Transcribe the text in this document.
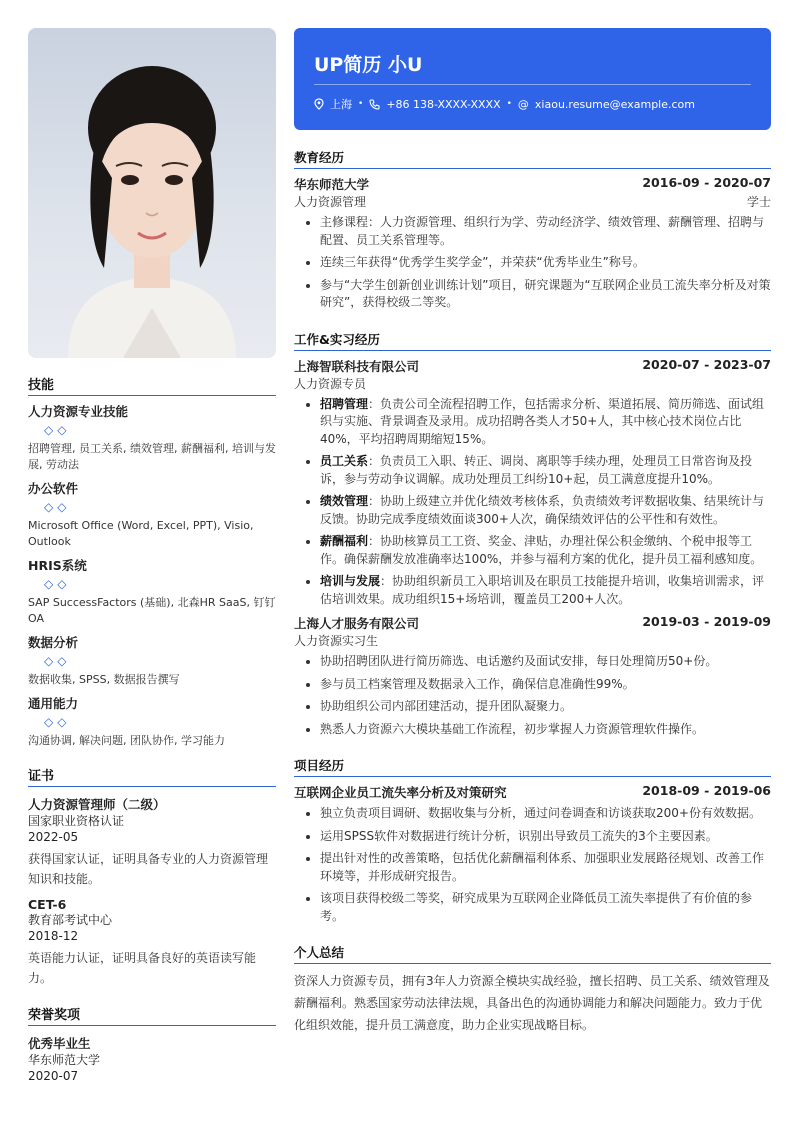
技能
人力资源专业技能
◇◇
招聘管理, 员工关系, 绩效管理, 薪酬福利, 培训与发展, 劳动法
办公软件
◇◇
Microsoft Office (Word, Excel, PPT), Visio, Outlook
HRIS系统
◇◇
SAP SuccessFactors (基础), 北森HR SaaS, 钉钉OA
数据分析
◇◇
数据收集, SPSS, 数据报告撰写
通用能力
◇◇
沟通协调, 解决问题, 团队协作, 学习能力
证书
人力资源管理师（二级）
国家职业资格认证
2022-05
获得国家认证，证明具备专业的人力资源管理知识和技能。
CET-6
教育部考试中心
2018-12
英语能力认证，证明具备良好的英语读写能力。
荣誉奖项
优秀毕业生
华东师范大学
2020-07
UP简历 小U
上海 • +86 138-XXXX-XXXX • @ xiaou.resume@example.com
教育经历
华东师范大学	2016-09 - 2020-07
人力资源管理	学士
• 主修课程：人力资源管理、组织行为学、劳动经济学、绩效管理、薪酬管理、招聘与配置、员工关系管理等。
• 连续三年获得“优秀学生奖学金”，并荣获“优秀毕业生”称号。
• 参与“大学生创新创业训练计划”项目，研究课题为“互联网企业员工流失率分析及对策研究”，获得校级二等奖。
工作&实习经历
上海智联科技有限公司	2020-07 - 2023-07
人力资源专员
• 招聘管理：负责公司全流程招聘工作，包括需求分析、渠道拓展、简历筛选、面试组织与实施、背景调查及录用。成功招聘各类人才50+人，其中核心技术岗位占比40%，平均招聘周期缩短15%。
• 员工关系：负责员工入职、转正、调岗、离职等手续办理，处理员工日常咨询及投诉，参与劳动争议调解。成功处理员工纠纷10+起，员工满意度提升10%。
• 绩效管理：协助上级建立并优化绩效考核体系，负责绩效考评数据收集、结果统计与反馈。协助完成季度绩效面谈300+人次，确保绩效评估的公平性和有效性。
• 薪酬福利：协助核算员工工资、奖金、津贴，办理社保公积金缴纳、个税申报等工作。确保薪酬发放准确率达100%，并参与福利方案的优化，提升员工福利感知度。
• 培训与发展：协助组织新员工入职培训及在职员工技能提升培训，收集培训需求，评估培训效果。成功组织15+场培训，覆盖员工200+人次。
上海人才服务有限公司	2019-03 - 2019-09
人力资源实习生
• 协助招聘团队进行简历筛选、电话邀约及面试安排，每日处理简历50+份。
• 参与员工档案管理及数据录入工作，确保信息准确性99%。
• 协助组织公司内部团建活动，提升团队凝聚力。
• 熟悉人力资源六大模块基础工作流程，初步掌握人力资源管理软件操作。
项目经历
互联网企业员工流失率分析及对策研究	2018-09 - 2019-06
• 独立负责项目调研、数据收集与分析，通过问卷调查和访谈获取200+份有效数据。
• 运用SPSS软件对数据进行统计分析，识别出导致员工流失的3个主要因素。
• 提出针对性的改善策略，包括优化薪酬福利体系、加强职业发展路径规划、改善工作环境等，并形成研究报告。
• 该项目获得校级二等奖，研究成果为互联网企业降低员工流失率提供了有价值的参考。
个人总结
资深人力资源专员，拥有3年人力资源全模块实战经验，擅长招聘、员工关系、绩效管理及薪酬福利。熟悉国家劳动法律法规，具备出色的沟通协调能力和解决问题能力。致力于优化组织效能，提升员工满意度，助力企业实现战略目标。
